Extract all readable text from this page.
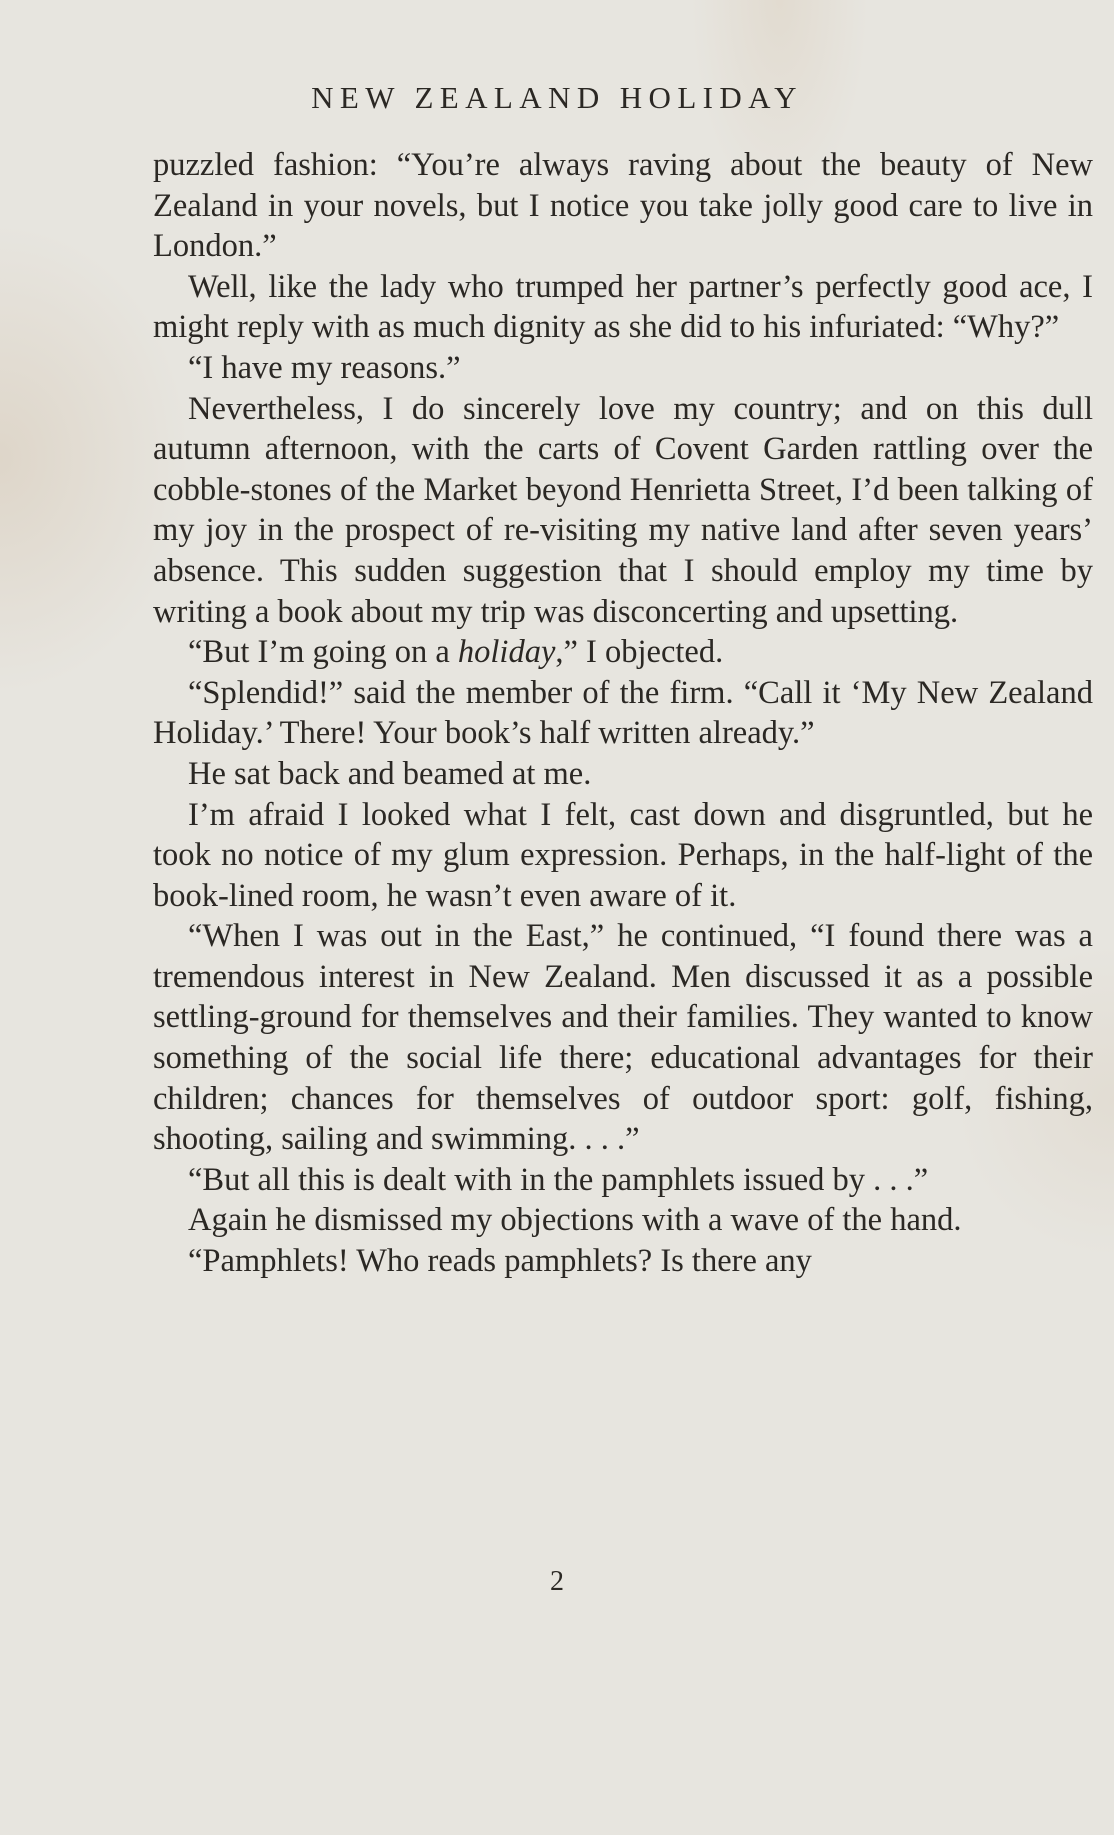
NEW ZEALAND HOLIDAY

puzzled fashion: “You’re always raving about the beauty of New Zealand in your novels, but I notice you take jolly good care to live in London.”

Well, like the lady who trumped her partner’s perfectly good ace, I might reply with as much dignity as she did to his infuriated: “Why?”

“I have my reasons.”

Nevertheless, I do sincerely love my country; and on this dull autumn afternoon, with the carts of Covent Garden rattling over the cobble-stones of the Market beyond Henrietta Street, I’d been talking of my joy in the prospect of re-visiting my native land after seven years’ absence. This sudden suggestion that I should employ my time by writing a book about my trip was disconcerting and upsetting.

“But I’m going on a holiday,” I objected.

“Splendid!” said the member of the firm. “Call it ‘My New Zealand Holiday.’ There! Your book’s half written already.”

He sat back and beamed at me.

I’m afraid I looked what I felt, cast down and disgruntled, but he took no notice of my glum expression. Perhaps, in the half-light of the book-lined room, he wasn’t even aware of it.

“When I was out in the East,” he continued, “I found there was a tremendous interest in New Zealand. Men discussed it as a possible settling-ground for themselves and their families. They wanted to know something of the social life there; educational advantages for their children; chances for themselves of outdoor sport: golf, fishing, shooting, sailing and swimming. . . .”

“But all this is dealt with in the pamphlets issued by . . .”

Again he dismissed my objections with a wave of the hand.

“Pamphlets! Who reads pamphlets? Is there any

2
